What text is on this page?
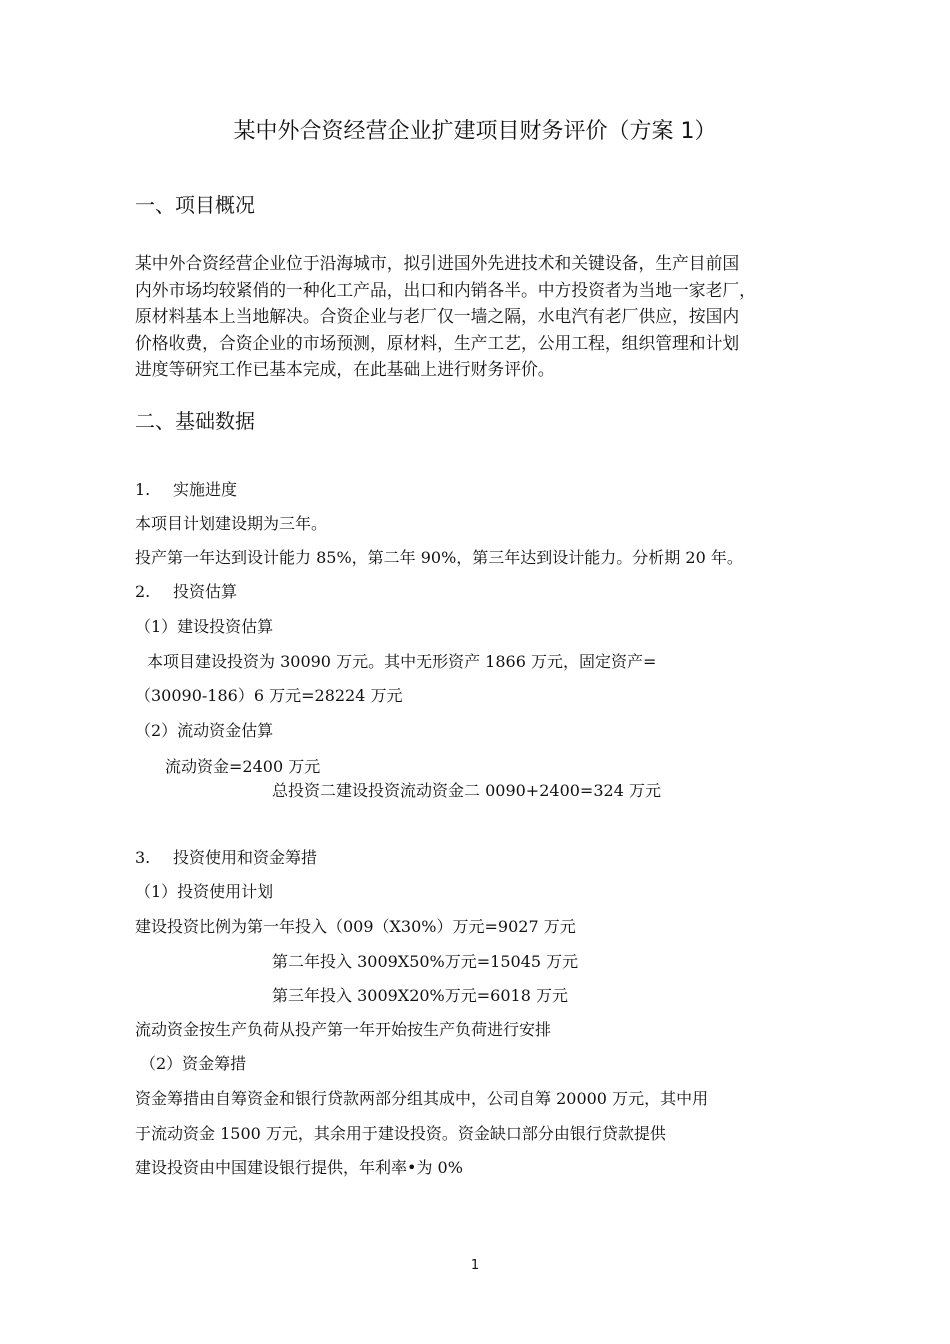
某中外合资经营企业扩建项目财务评价（方案 1）
一、项目概况
某中外合资经营企业位于沿海城市，拟引进国外先进技术和关键设备，生产目前国
内外市场均较紧俏的一种化工产品，出口和内销各半。中方投资者为当地一家老厂，
原材料基本上当地解决。合资企业与老厂仅一墙之隔，水电汽有老厂供应，按国内
价格收费，合资企业的市场预测，原材料，生产工艺，公用工程，组织管理和计划
进度等研究工作已基本完成，在此基础上进行财务评价。
二、基础数据
1. 实施进度
本项目计划建设期为三年。
投产第一年达到设计能力 85%，第二年 90%，第三年达到设计能力。分析期 20 年。
2. 投资估算
（1）建设投资估算
本项目建设投资为 30090 万元。其中无形资产 1866 万元，固定资产=
（30090-186）6 万元=28224 万元
（2）流动资金估算
流动资金=2400 万元
总投资二建设投资流动资金二 0090+2400=324 万元
3. 投资使用和资金筹措
（1）投资使用计划
建设投资比例为第一年投入（009（X30%）万元=9027 万元
第二年投入 3009X50%万元=15045 万元
第三年投入 3009X20%万元=6018 万元
流动资金按生产负荷从投产第一年开始按生产负荷进行安排
（2）资金筹措
资金筹措由自筹资金和银行贷款两部分组其成中，公司自筹 20000 万元，其中用
于流动资金 1500 万元，其余用于建设投资。资金缺口部分由银行贷款提供
建设投资由中国建设银行提供，年利率•为 0%
1
